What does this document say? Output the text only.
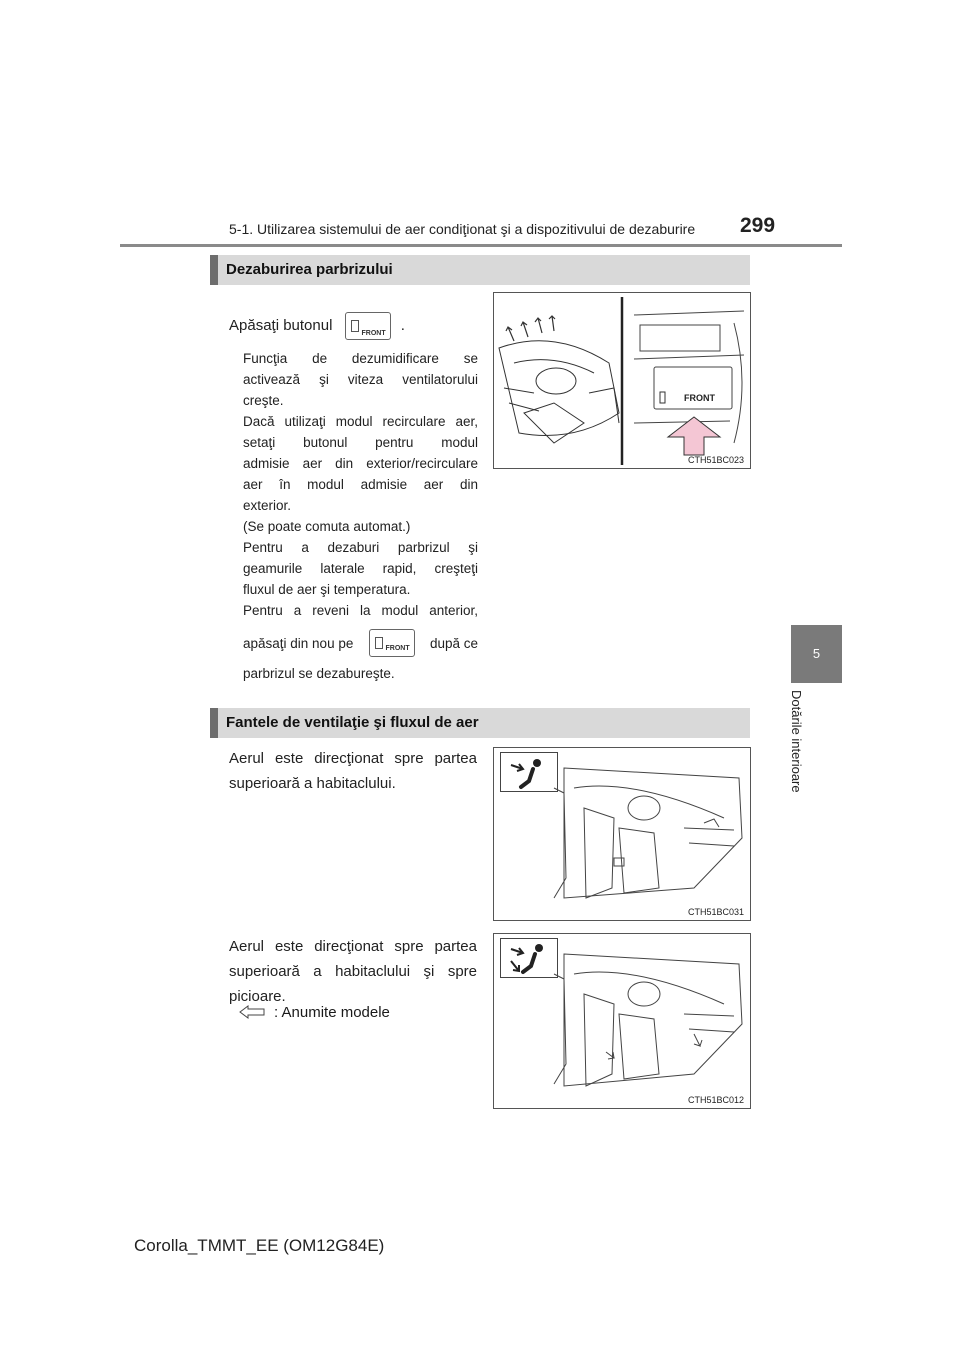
5-1. Utilizarea sistemului de aer condiţionat şi a dispozitivului de dezaburire 299
5
Dotările interioare
Dezaburirea parbrizului
Apăsaţi butonul	FRONT .
Funcţia de dezumidificare se
activează şi viteza ventilatorului
creşte.
Dacă utilizaţi modul recirculare aer,
setaţi butonul pentru modul
admisie aer din exterior/recirculare
aer în modul admisie aer din
exterior.
(Se poate comuta automat.)
Pentru a dezaburi parbrizul şi
geamurile laterale rapid, creşteţi
fluxul de aer şi temperatura.
Pentru a reveni la modul anterior,
apăsaţi din nou pe	FRONT după ce
parbrizul se dezabureşte.
FRONT
CTH51BC023
Fantele de ventilaţie şi fluxul de aer
Aerul este direcţionat spre partea
superioară a habitaclului.
CTH51BC031
Aerul este direcţionat spre partea
superioară a habitaclului şi spre
picioare.
: Anumite modele
CTH51BC012
Corolla_TMMT_EE (OM12G84E)
